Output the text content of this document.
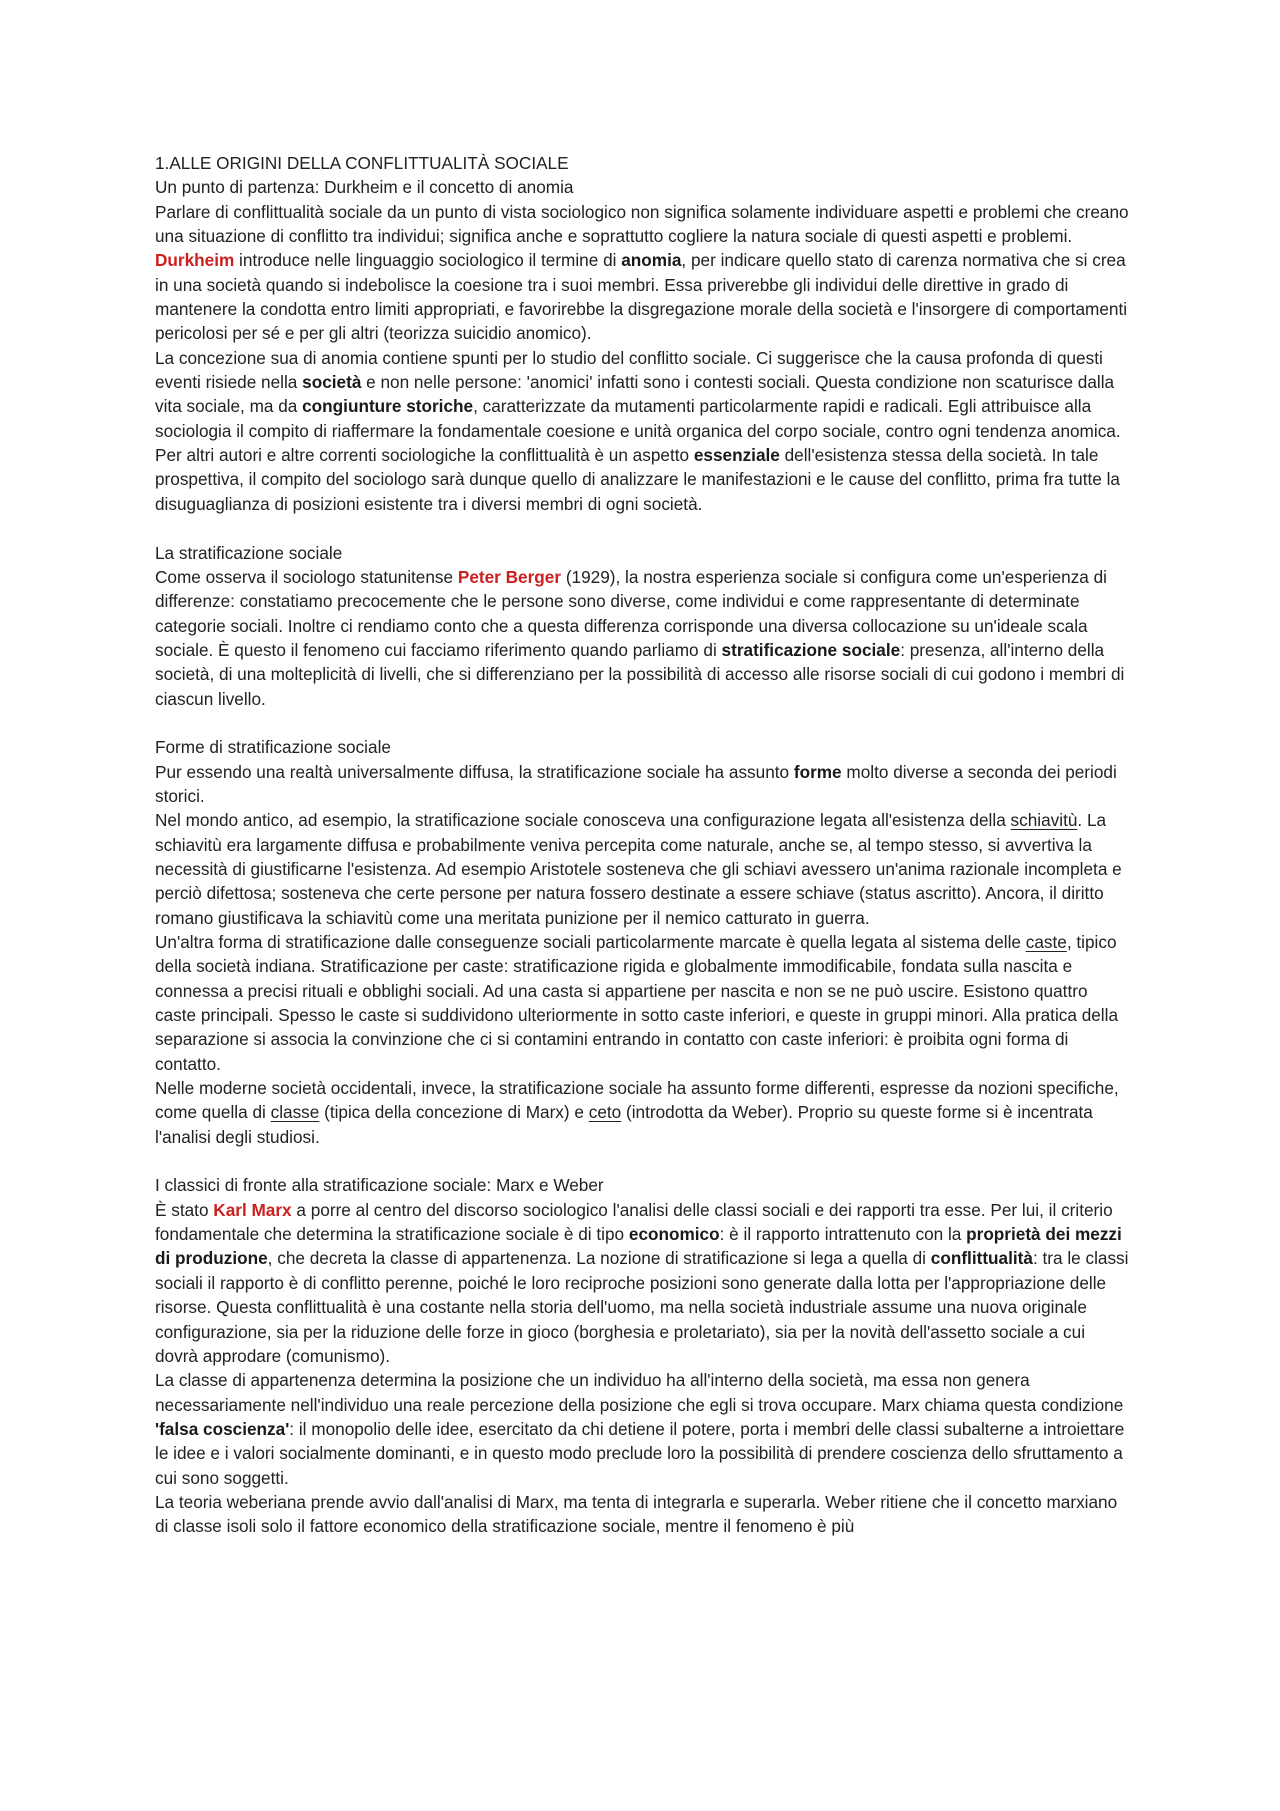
1.ALLE ORIGINI DELLA CONFLITTUALITÀ SOCIALE

Un punto di partenza: Durkheim e il concetto di anomia

Parlare di conflittualità sociale da un punto di vista sociologico non significa solamente individuare aspetti e problemi che creano una situazione di conflitto tra individui; significa anche e soprattutto cogliere la natura sociale di questi aspetti e problemi.

Durkheim introduce nelle linguaggio sociologico il termine di anomia, per indicare quello stato di carenza normativa che si crea in una società quando si indebolisce la coesione tra i suoi membri. Essa priverebbe gli individui delle direttive in grado di mantenere la condotta entro limiti appropriati, e favorirebbe la disgregazione morale della società e l'insorgere di comportamenti pericolosi per sé e per gli altri (teorizza suicidio anomico).

La concezione sua di anomia contiene spunti per lo studio del conflitto sociale. Ci suggerisce che la causa profonda di questi eventi risiede nella società e non nelle persone: 'anomici' infatti sono i contesti sociali. Questa condizione non scaturisce dalla vita sociale, ma da congiunture storiche, caratterizzate da mutamenti particolarmente rapidi e radicali. Egli attribuisce alla sociologia il compito di riaffermare la fondamentale coesione e unità organica del corpo sociale, contro ogni tendenza anomica.

Per altri autori e altre correnti sociologiche la conflittualità è un aspetto essenziale dell'esistenza stessa della società. In tale prospettiva, il compito del sociologo sarà dunque quello di analizzare le manifestazioni e le cause del conflitto, prima fra tutte la disuguaglianza di posizioni esistente tra i diversi membri di ogni società.

La stratificazione sociale

Come osserva il sociologo statunitense Peter Berger (1929), la nostra esperienza sociale si configura come un'esperienza di differenze: constatiamo precocemente che le persone sono diverse, come individui e come rappresentante di determinate categorie sociali. Inoltre ci rendiamo conto che a questa differenza corrisponde una diversa collocazione su un'ideale scala sociale. È questo il fenomeno cui facciamo riferimento quando parliamo di stratificazione sociale: presenza, all'interno della società, di una molteplicità di livelli, che si differenziano per la possibilità di accesso alle risorse sociali di cui godono i membri di ciascun livello.

Forme di stratificazione sociale

Pur essendo una realtà universalmente diffusa, la stratificazione sociale ha assunto forme molto diverse a seconda dei periodi storici.

Nel mondo antico, ad esempio, la stratificazione sociale conosceva una configurazione legata all'esistenza della schiavitù. La schiavitù era largamente diffusa e probabilmente veniva percepita come naturale, anche se, al tempo stesso, si avvertiva la necessità di giustificarne l'esistenza. Ad esempio Aristotele sosteneva che gli schiavi avessero un'anima razionale incompleta e perciò difettosa; sosteneva che certe persone per natura fossero destinate a essere schiave (status ascritto). Ancora, il diritto romano giustificava la schiavitù come una meritata punizione per il nemico catturato in guerra.

Un'altra forma di stratificazione dalle conseguenze sociali particolarmente marcate è quella legata al sistema delle caste, tipico della società indiana. Stratificazione per caste: stratificazione rigida e globalmente immodificabile, fondata sulla nascita e connessa a precisi rituali e obblighi sociali. Ad una casta si appartiene per nascita e non se ne può uscire. Esistono quattro caste principali. Spesso le caste si suddividono ulteriormente in sotto caste inferiori, e queste in gruppi minori. Alla pratica della separazione si associa la convinzione che ci si contamini entrando in contatto con caste inferiori: è proibita ogni forma di contatto.

Nelle moderne società occidentali, invece, la stratificazione sociale ha assunto forme differenti, espresse da nozioni specifiche, come quella di classe (tipica della concezione di Marx) e ceto (introdotta da Weber). Proprio su queste forme si è incentrata l'analisi degli studiosi.

I classici di fronte alla stratificazione sociale: Marx e Weber

È stato Karl Marx a porre al centro del discorso sociologico l'analisi delle classi sociali e dei rapporti tra esse. Per lui, il criterio fondamentale che determina la stratificazione sociale è di tipo economico: è il rapporto intrattenuto con la proprietà dei mezzi di produzione, che decreta la classe di appartenenza. La nozione di stratificazione si lega a quella di conflittualità: tra le classi sociali il rapporto è di conflitto perenne, poiché le loro reciproche posizioni sono generate dalla lotta per l'appropriazione delle risorse. Questa conflittualità è una costante nella storia dell'uomo, ma nella società industriale assume una nuova originale configurazione, sia per la riduzione delle forze in gioco (borghesia e proletariato), sia per la novità dell'assetto sociale a cui dovrà approdare (comunismo).

La classe di appartenenza determina la posizione che un individuo ha all'interno della società, ma essa non genera necessariamente nell'individuo una reale percezione della posizione che egli si trova occupare. Marx chiama questa condizione 'falsa coscienza': il monopolio delle idee, esercitato da chi detiene il potere, porta i membri delle classi subalterne a introiettare le idee e i valori socialmente dominanti, e in questo modo preclude loro la possibilità di prendere coscienza dello sfruttamento a cui sono soggetti.

La teoria weberiana prende avvio dall'analisi di Marx, ma tenta di integrarla e superarla. Weber ritiene che il concetto marxiano di classe isoli solo il fattore economico della stratificazione sociale, mentre il fenomeno è più
